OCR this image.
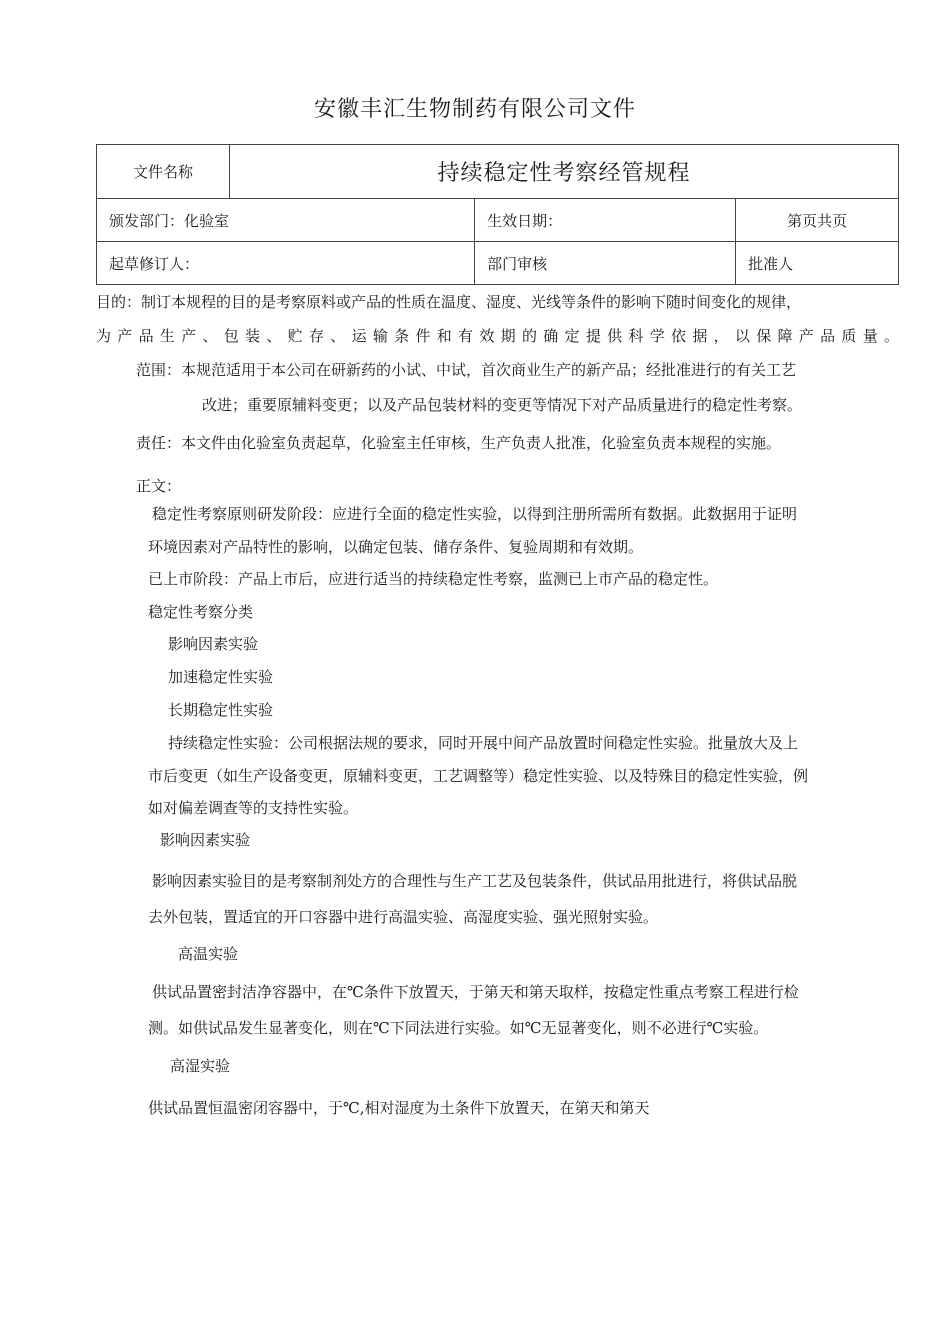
安徽丰汇生物制药有限公司文件
文件名称	持续稳定性考察经管规程		
颁发部门：化验室		生效日期：	第页共页
起草修订人：		部门审核	批准人
目的：制订本规程的目的是考察原料或产品的性质在温度、湿度、光线等条件的影响下随时间变化的规律，
为产品生产、包装、贮存、运输条件和有效期的确定提供科学依据，以保障产品质量。
范围：本规范适用于本公司在研新药的小试、中试，首次商业生产的新产品；经批准进行的有关工艺
改进；重要原辅料变更；以及产品包装材料的变更等情况下对产品质量进行的稳定性考察。
责任：本文件由化验室负责起草，化验室主任审核，生产负责人批准，化验室负责本规程的实施。
正文：
稳定性考察原则研发阶段：应进行全面的稳定性实验，以得到注册所需所有数据。此数据用于证明
环境因素对产品特性的影响，以确定包装、储存条件、复验周期和有效期。
已上市阶段：产品上市后，应进行适当的持续稳定性考察，监测已上市产品的稳定性。
稳定性考察分类
影响因素实验
加速稳定性实验
长期稳定性实验
持续稳定性实验：公司根据法规的要求，同时开展中间产品放置时间稳定性实验。批量放大及上
市后变更（如生产设备变更，原辅料变更，工艺调整等）稳定性实验、以及特殊目的稳定性实验，例
如对偏差调查等的支持性实验。
影响因素实验
影响因素实验目的是考察制剂处方的合理性与生产工艺及包装条件，供试品用批进行，将供试品脱
去外包装，置适宜的开口容器中进行高温实验、高湿度实验、强光照射实验。
高温实验
供试品置密封洁净容器中，在℃条件下放置天，于第天和第天取样，按稳定性重点考察工程进行检
测。如供试品发生显著变化，则在℃下同法进行实验。如℃无显著变化，则不必进行℃实验。
高湿实验
供试品置恒温密闭容器中，于℃,相对湿度为土条件下放置天，在第天和第天
